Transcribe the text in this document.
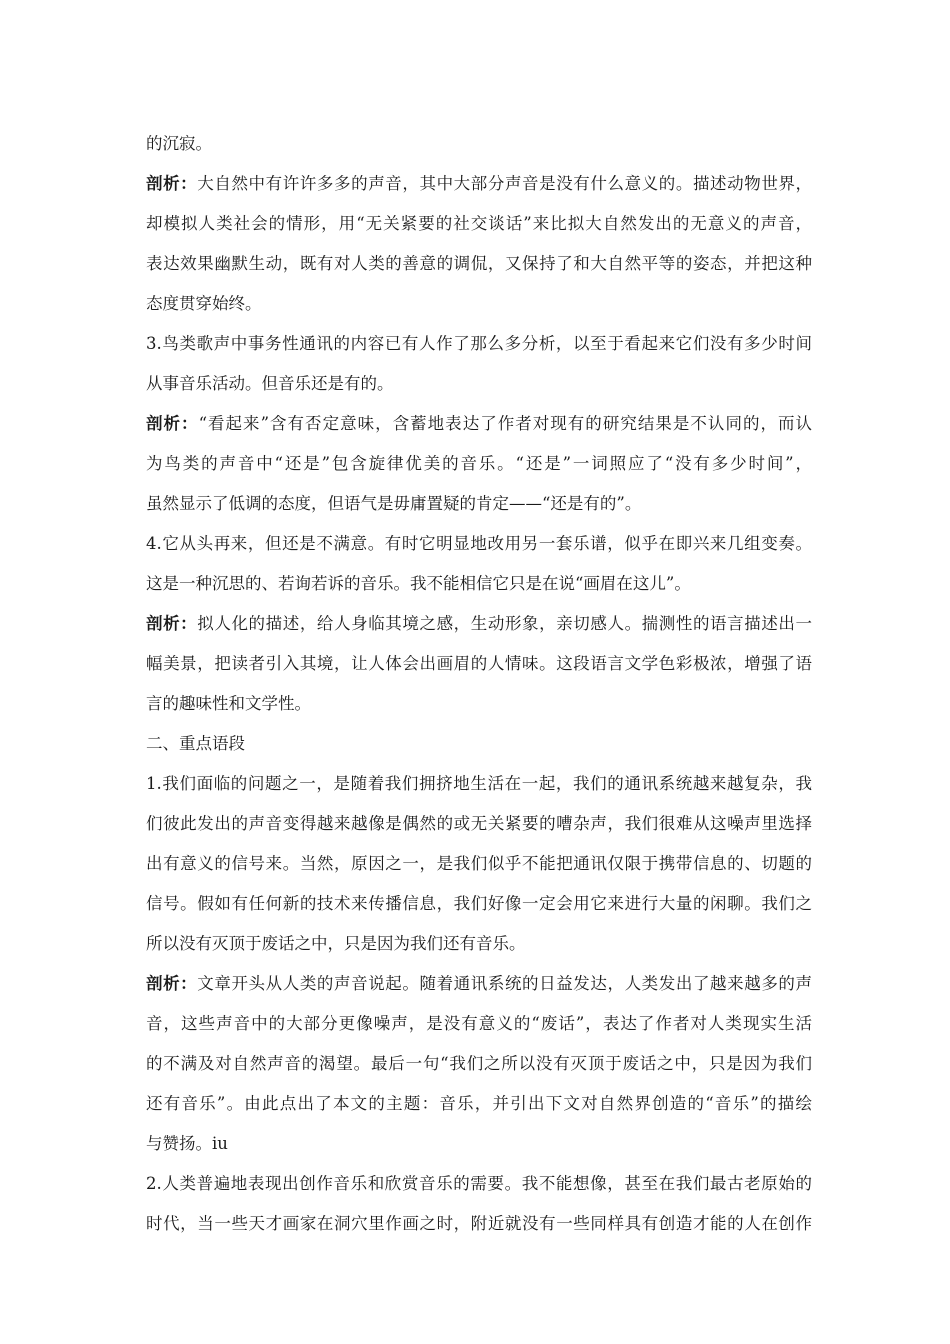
的沉寂。
剖析：大自然中有许许多多的声音，其中大部分声音是没有什么意义的。描述动物世界，
却模拟人类社会的情形，用“无关紧要的社交谈话”来比拟大自然发出的无意义的声音，
表达效果幽默生动，既有对人类的善意的调侃，又保持了和大自然平等的姿态，并把这种
态度贯穿始终。
3.鸟类歌声中事务性通讯的内容已有人作了那么多分析，以至于看起来它们没有多少时间
从事音乐活动。但音乐还是有的。
剖析：“看起来”含有否定意味，含蓄地表达了作者对现有的研究结果是不认同的，而认
为鸟类的声音中“还是”包含旋律优美的音乐。“还是”一词照应了“没有多少时间”，
虽然显示了低调的态度，但语气是毋庸置疑的肯定——“还是有的”。
4.它从头再来，但还是不满意。有时它明显地改用另一套乐谱，似乎在即兴来几组变奏。
这是一种沉思的、若询若诉的音乐。我不能相信它只是在说“画眉在这儿”。
剖析：拟人化的描述，给人身临其境之感，生动形象，亲切感人。揣测性的语言描述出一
幅美景，把读者引入其境，让人体会出画眉的人情味。这段语言文学色彩极浓，增强了语
言的趣味性和文学性。
二、重点语段
1.我们面临的问题之一，是随着我们拥挤地生活在一起，我们的通讯系统越来越复杂，我
们彼此发出的声音变得越来越像是偶然的或无关紧要的嘈杂声，我们很难从这噪声里选择
出有意义的信号来。当然，原因之一，是我们似乎不能把通讯仅限于携带信息的、切题的
信号。假如有任何新的技术来传播信息，我们好像一定会用它来进行大量的闲聊。我们之
所以没有灭顶于废话之中，只是因为我们还有音乐。
剖析：文章开头从人类的声音说起。随着通讯系统的日益发达，人类发出了越来越多的声
音，这些声音中的大部分更像噪声，是没有意义的“废话”，表达了作者对人类现实生活
的不满及对自然声音的渴望。最后一句“我们之所以没有灭顶于废话之中，只是因为我们
还有音乐”。由此点出了本文的主题：音乐，并引出下文对自然界创造的“音乐”的描绘
与赞扬。iu
2.人类普遍地表现出创作音乐和欣赏音乐的需要。我不能想像，甚至在我们最古老原始的
时代，当一些天才画家在洞穴里作画之时，附近就没有一些同样具有创造才能的人在创作
